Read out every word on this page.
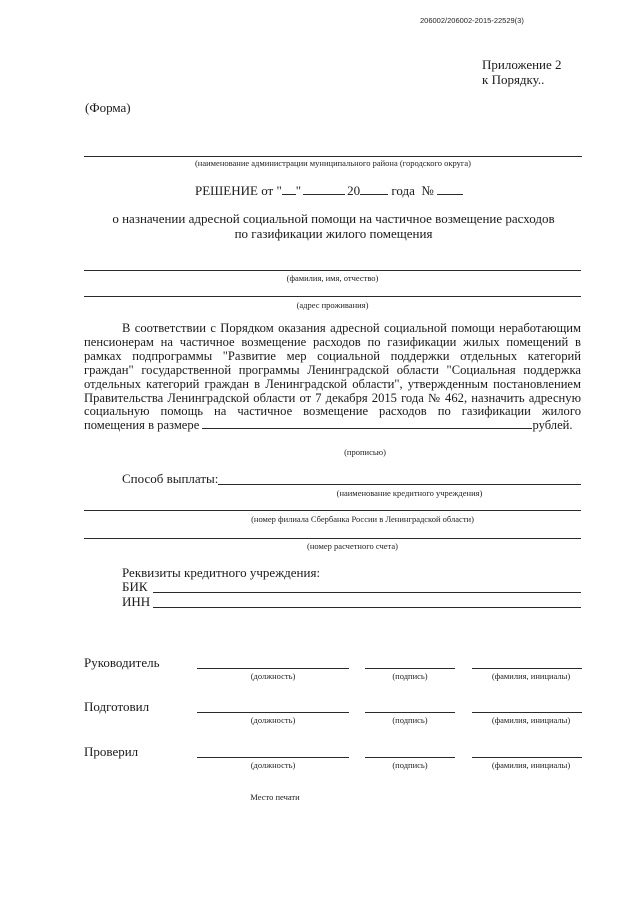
206002/206002-2015-22529(3)
Приложение 2
к Порядку..
(Форма)
(наименование администрации муниципального района (городского округа)
РЕШЕНИЕ от " "	20 года №
о назначении адресной социальной помощи на частичное возмещение расходов
по газификации жилого помещения
(фамилия, имя, отчество)
(адрес проживания)
В соответствии с Порядком оказания адресной социальной помощи неработающим пенсионерам на частичное возмещение расходов по газификации жилых помещений в рамках подпрограммы "Развитие мер социальной поддержки отдельных категорий граждан" государственной программы Ленинградской области "Социальная поддержка отдельных категорий граждан в Ленинградской области", утвержденным постановлением Правительства Ленинградской области от 7 декабря 2015 года № 462, назначить адресную социальную помощь на частичное возмещение расходов по газификации жилого помещения в размере	рублей.
(прописью)
Способ выплаты:
(наименование кредитного учреждения)
(номер филиала Сбербанка России в Ленинградской области)
(номер расчетного счета)
Реквизиты кредитного учреждения:
БИК
ИНН
Руководитель
(должность)	(подпись)	(фамилия, инициалы)
Подготовил
(должность)	(подпись)	(фамилия, инициалы)
Проверил
(должность)	(подпись)	(фамилия, инициалы)
Место печати
